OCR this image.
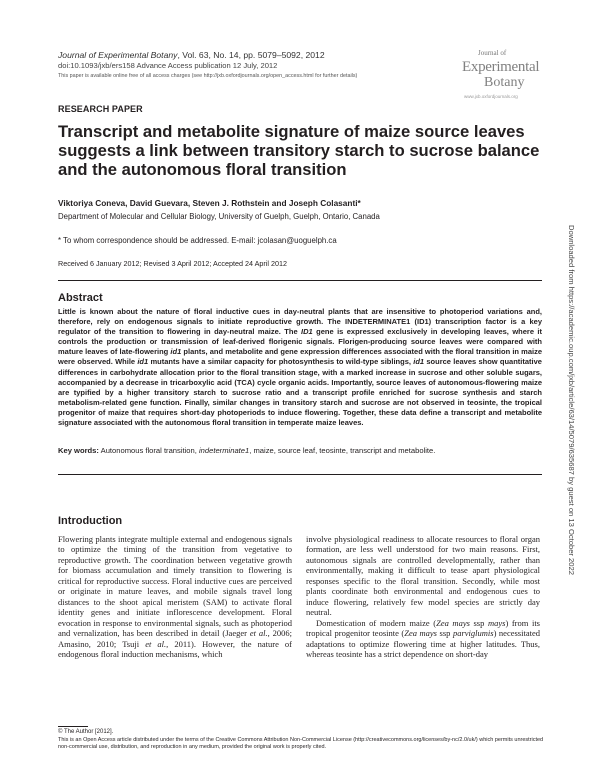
Journal of Experimental Botany, Vol. 63, No. 14, pp. 5079–5092, 2012
doi:10.1093/jxb/ers158 Advance Access publication 12 July, 2012
This paper is available online free of all access charges (see http://jxb.oxfordjournals.org/open_access.html for further details)
Journal of
Experimental
Botany
www.jxb.oxfordjournals.org
RESEARCH PAPER
Transcript and metabolite signature of maize source leaves suggests a link between transitory starch to sucrose balance and the autonomous floral transition
Viktoriya Coneva, David Guevara, Steven J. Rothstein and Joseph Colasanti*
Department of Molecular and Cellular Biology, University of Guelph, Guelph, Ontario, Canada
* To whom correspondence should be addressed. E-mail: jcolasan@uoguelph.ca
Received 6 January 2012; Revised 3 April 2012; Accepted 24 April 2012
Abstract
Little is known about the nature of floral inductive cues in day-neutral plants that are insensitive to photoperiod variations and, therefore, rely on endogenous signals to initiate reproductive growth. The INDETERMINATE1 (ID1) transcription factor is a key regulator of the transition to flowering in day-neutral maize. The ID1 gene is expressed exclusively in developing leaves, where it controls the production or transmission of leaf-derived florigenic signals. Florigen-producing source leaves were compared with mature leaves of late-flowering id1 plants, and metabolite and gene expression differences associated with the floral transition in maize were observed. While id1 mutants have a similar capacity for photosynthesis to wild-type siblings, id1 source leaves show quantitative differences in carbohydrate allocation prior to the floral transition stage, with a marked increase in sucrose and other soluble sugars, accompanied by a decrease in tricarboxylic acid (TCA) cycle organic acids. Importantly, source leaves of autonomous-flowering maize are typified by a higher transitory starch to sucrose ratio and a transcript profile enriched for sucrose synthesis and starch metabolism-related gene function. Finally, similar changes in transitory starch and sucrose are not observed in teosinte, the tropical progenitor of maize that requires short-day photoperiods to induce flowering. Together, these data define a transcript and metabolite signature associated with the autonomous floral transition in temperate maize leaves.
Key words: Autonomous floral transition, indeterminate1, maize, source leaf, teosinte, transcript and metabolite.
Introduction

Flowering plants integrate multiple external and endogenous signals to optimize the timing of the transition from vegetative to reproductive growth. The coordination between vegetative growth for biomass accumulation and timely transition to flowering is critical for reproductive success. Floral inductive cues are perceived or originate in mature leaves, and mobile signals travel long distances to the shoot apical meristem (SAM) to activate floral identity genes and initiate inflorescence development. Floral evocation in response to environmental signals, such as photoperiod and vernalization, has been described in detail (Jaeger et al., 2006; Amasino, 2010; Tsuji et al., 2011). However, the nature of endogenous floral induction mechanisms, which

involve physiological readiness to allocate resources to floral organ formation, are less well understood for two main reasons. First, autonomous signals are controlled developmentally, rather than environmentally, making it difficult to tease apart physiological responses specific to the floral transition. Secondly, while most plants coordinate both environmental and endogenous cues to induce flowering, relatively few model species are strictly day neutral.

Domestication of modern maize (Zea mays ssp mays) from its tropical progenitor teosinte (Zea mays ssp parviglumis) necessitated adaptations to optimize flowering time at higher latitudes. Thus, whereas teosinte has a strict dependence on short-day

© The Author [2012].
This is an Open Access article distributed under the terms of the Creative Commons Attribution Non-Commercial License (http://creativecommons.org/licenses/by-nc/2.0/uk/) which permits unrestricted non-commercial use, distribution, and reproduction in any medium, provided the original work is properly cited.
Downloaded from https://academic.oup.com/jxb/article/63/14/5079/635687 by guest on 13 October 2022
